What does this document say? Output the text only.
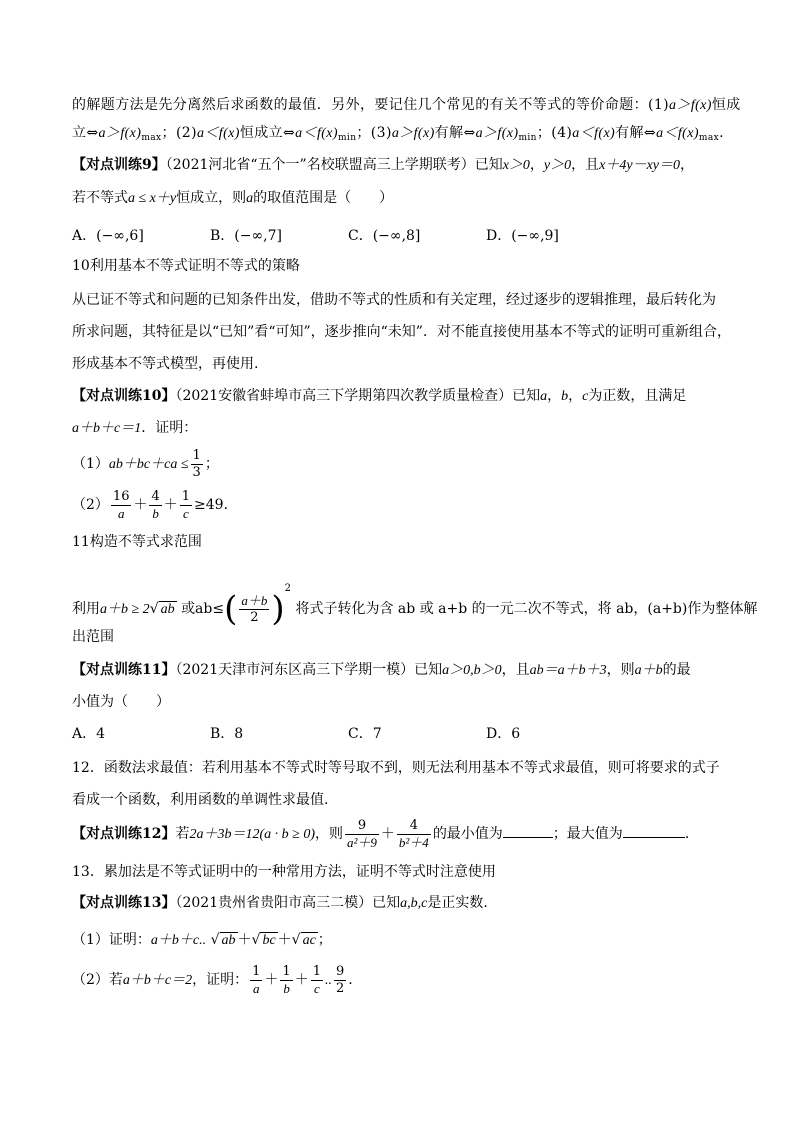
的解题方法是先分离然后求函数的最值．另外，要记住几个常见的有关不等式的等价命题：(1)a＞f(x)恒成
立$\Leftrightarrow a>f(x)_{max}$；(2)a＜f(x)恒成立$\Leftrightarrow a<f(x)_{min}$；(3)a＞f(x)有解$\Leftrightarrow a>f(x)_{min}$；(4)a＜f(x)有解$\Leftrightarrow a<f(x)_{max}$.
【对点训练9】（2021河北省“五个一”名校联盟高三上学期联考）已知x＞0，y＞0，且x＋4y－xy＝0，
若不等式a ≤ x＋y恒成立，则a的取值范围是（　　）
A．(−∞,6]	B．(−∞,7]	C．(−∞,8]	D．(−∞,9]
10利用基本不等式证明不等式的策略
从已证不等式和问题的已知条件出发，借助不等式的性质和有关定理，经过逐步的逻辑推理，最后转化为
所求问题，其特征是以“已知”看“可知”，逐步推向“未知”．对不能直接使用基本不等式的证明可重新组合，
形成基本不等式模型，再使用.
【对点训练10】（2021安徽省蚌埠市高三下学期第四次教学质量检查）已知a，b，c为正数，且满足
a＋b＋c＝1．证明：
$(1)ab+bc+ca \le \frac{1}{3}$ ；
$(2) \frac{16}{a} + \frac{4}{b} + \frac{1}{c} \ge 49$．
11构造不等式求范围
利用a＋b ≥ 2√ ab 或$ab\le( \frac{a+b}{2} )^2$ 将式子转化为含 ab 或 a+b 的一元二次不等式，将 ab，(a+b)作为整体解
出范围
【对点训练11】（2021天津市河东区高三下学期一模）已知a＞0,b＞0，且ab＝a＋b＋3，则a＋b的最
小值为（　　）
A．4	B．8	C．7	D．6
12．函数法求最值：若利用基本不等式时等号取不到，则无法利用基本不等式求最值，则可将要求的式子
看成一个函数，利用函数的单调性求最值.
【对点训练12】若2a＋3b＝12(a · b ≥ 0)，则 $\frac{9}{\text{a²＋9}} + \frac{4}{\text{b²＋4}}$ 的最小值为	；最大值为	.
13．累加法是不等式证明中的一种常用方法，证明不等式时注意使用
【对点训练13】（2021贵州省贵阳市高三二模）已知a,b,c是正实数.
（1）证明：a＋b＋c.. √ ab ＋√ bc ＋√ ac ；
（2）若a＋b＋c＝2，证明： $\frac{1}{a} + \frac{1}{b} + \frac{1}{c}$ .. $\frac{9}{2}$ .
